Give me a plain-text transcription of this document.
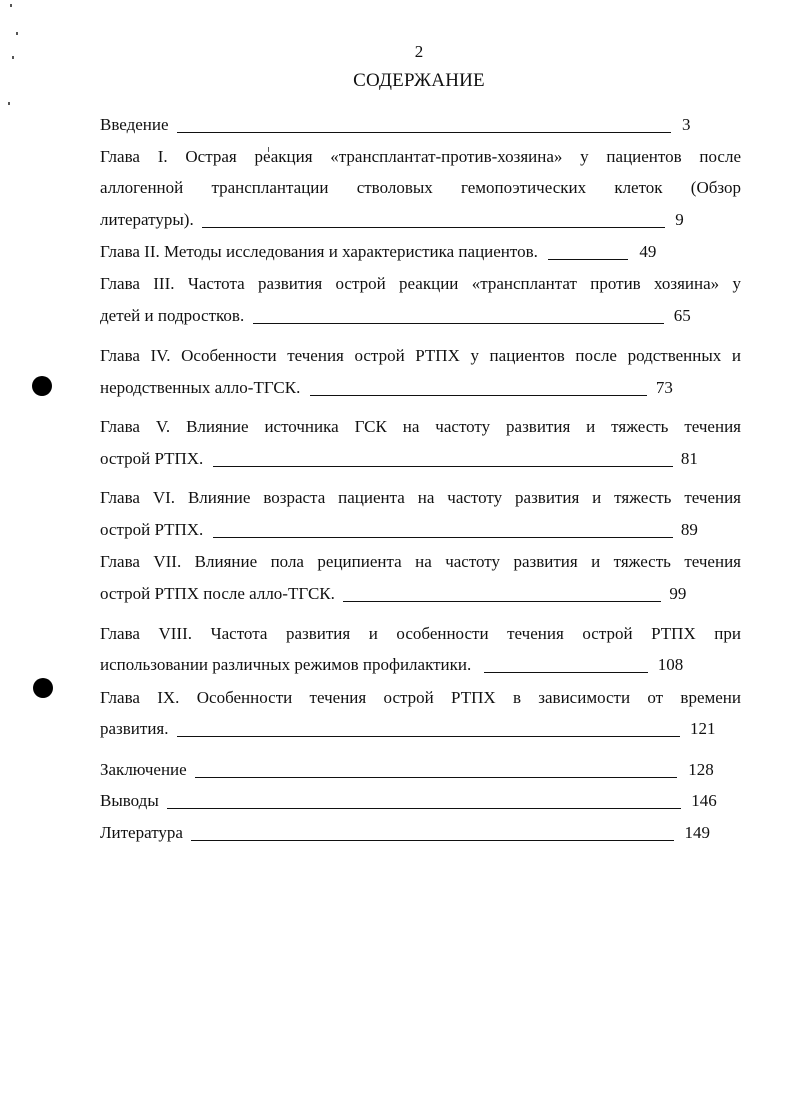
2
СОДЕРЖАНИЕ
Введение	3
Глава I. Острая реакция «трансплантат-против-хозяина» у пациентов после
аллогенной трансплантации стволовых гемопоэтических клеток (Обзор
литературы).	9
Глава II. Методы исследования и характеристика пациентов.	49
Глава III. Частота развития острой реакции «трансплантат против хозяина» у
детей и подростков.	65
Глава IV. Особенности течения острой РТПХ у пациентов после родственных и
неродственных алло-ТГСК.	73
Глава V. Влияние источника ГСК на частоту развития и тяжесть течения
острой РТПХ.	81
Глава VI. Влияние возраста пациента на частоту развития и тяжесть течения
острой РТПХ.	89
Глава VII. Влияние пола реципиента на частоту развития и тяжесть течения
острой РТПХ после алло-ТГСК.	99
Глава VIII. Частота развития и особенности течения острой РТПХ при
использовании различных режимов профилактики.	108
Глава IX. Особенности течения острой РТПХ в зависимости от времени
развития.	121
Заключение	128
Выводы	146
Литература	149
